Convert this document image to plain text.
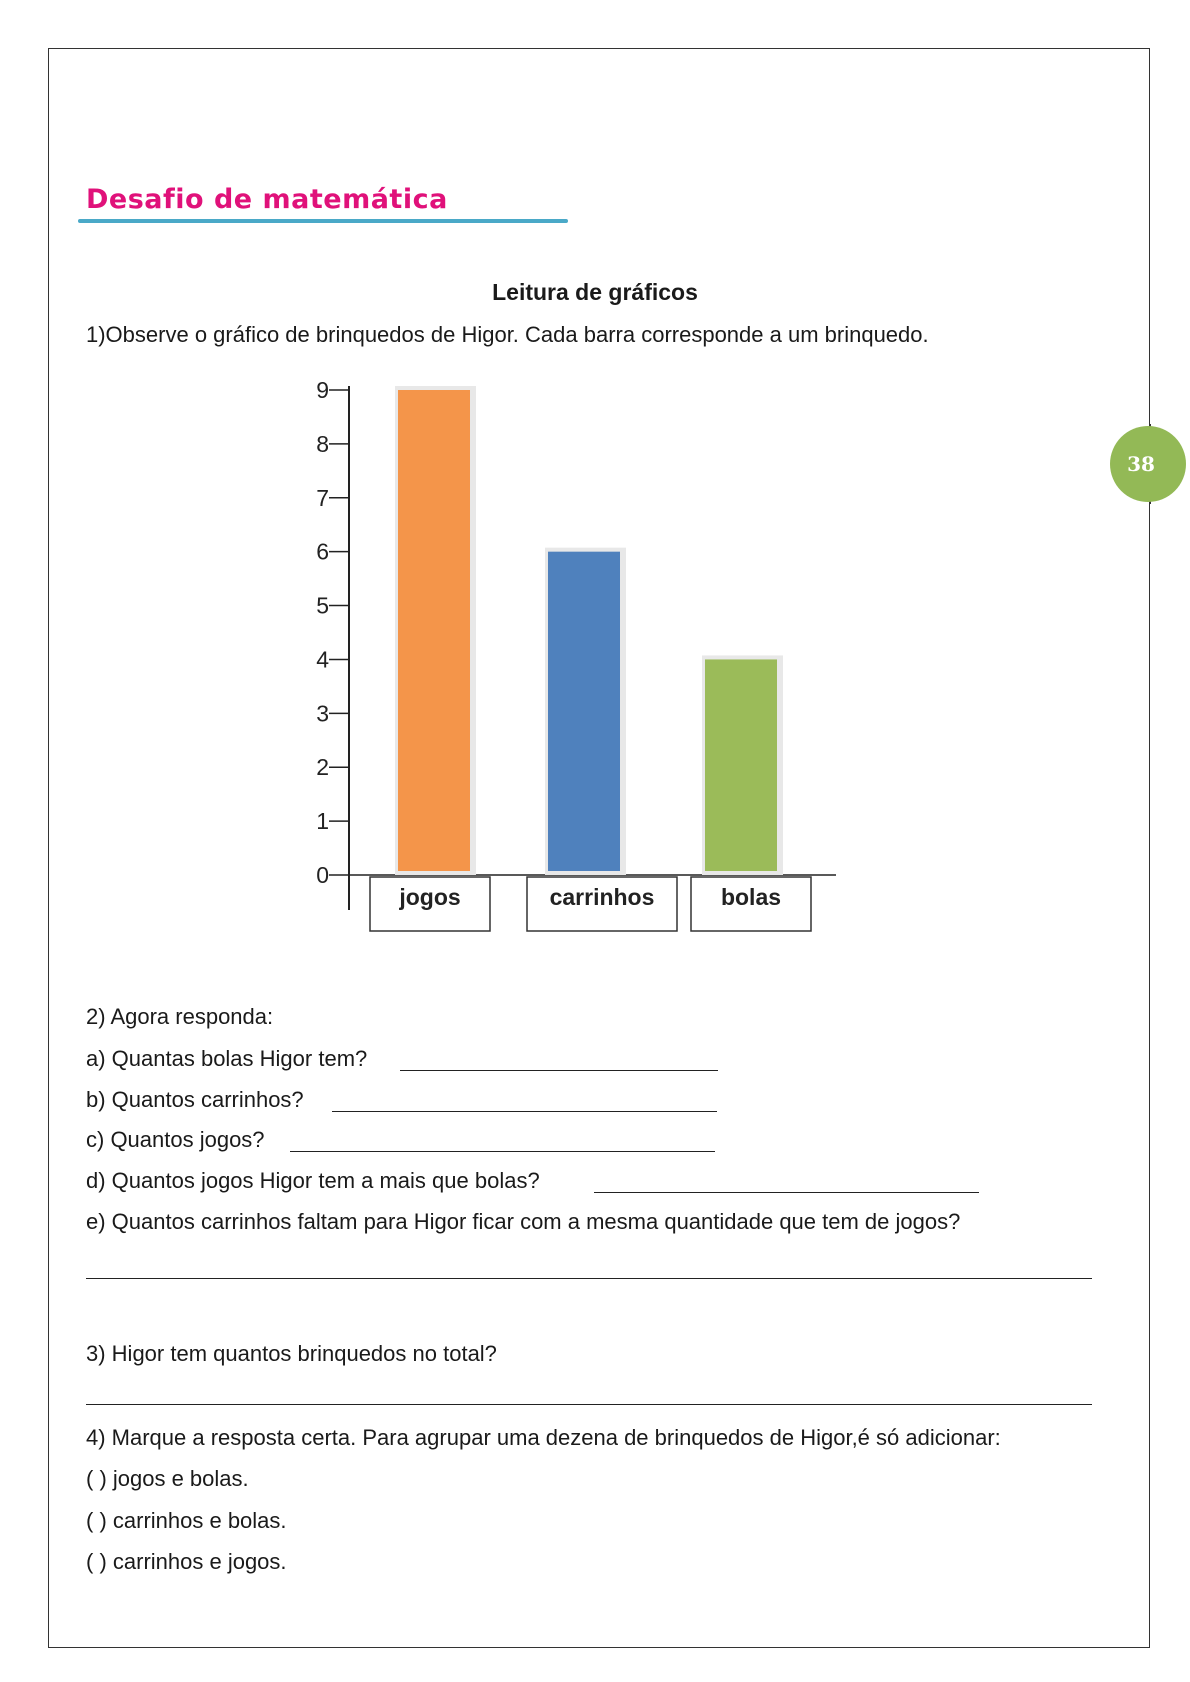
Desafio de matemática
38
Leitura de gráficos
1)Observe o gráfico de brinquedos de Higor. Cada barra corresponde a um brinquedo.
0
1
2
3
4
5
6
7
8
9
jogos	carrinhos	bolas
2) Agora responda:
a) Quantas bolas Higor tem?
b) Quantos carrinhos?
c) Quantos jogos?
d) Quantos jogos Higor tem a mais que bolas?
e) Quantos carrinhos faltam para Higor ficar com a mesma quantidade que tem de jogos?
3) Higor tem quantos brinquedos no total?
4) Marque a resposta certa. Para agrupar uma dezena de brinquedos de Higor,é só adicionar:
( ) jogos e bolas.
( ) carrinhos e bolas.
( ) carrinhos e jogos.
